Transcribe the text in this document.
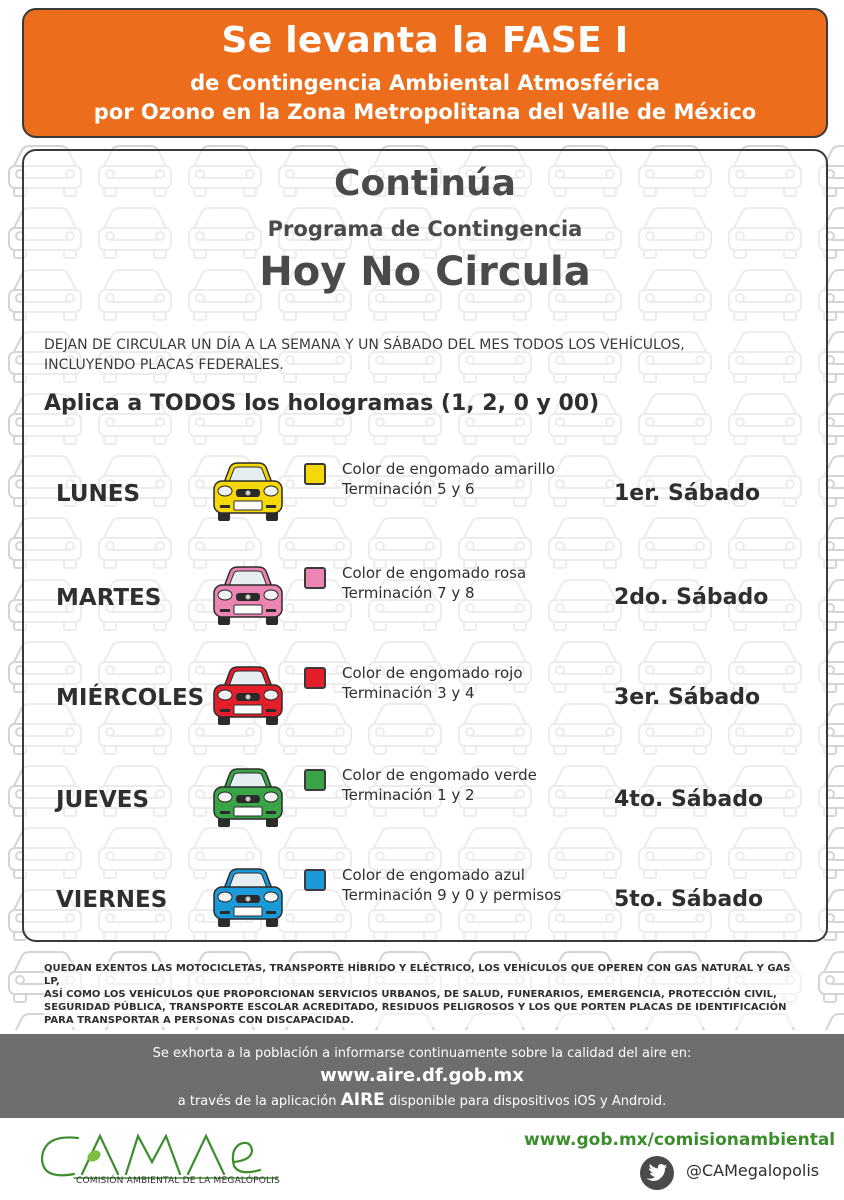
Se levanta la FASE I
de Contingencia Ambiental Atmosférica
por Ozono en la Zona Metropolitana del Valle de México
Continúa
Programa de Contingencia
Hoy No Circula
DEJAN DE CIRCULAR UN DÍA A LA SEMANA Y UN SÁBADO DEL MES TODOS LOS VEHÍCULOS,
INCLUYENDO PLACAS FEDERALES.
Aplica a TODOS los hologramas (1, 2, 0 y 00)
LUNES
Color de engomado amarillo
Terminación 5 y 6	1er. Sábado
MARTES
Color de engomado rosa
Terminación 7 y 8	2do. Sábado
MIÉRCOLES
Color de engomado rojo
Terminación 3 y 4	3er. Sábado
JUEVES
Color de engomado verde
Terminación 1 y 2	4to. Sábado
VIERNES
Color de engomado azul
Terminación 9 y 0 y permisos 5to. Sábado
QUEDAN EXENTOS LAS MOTOCICLETAS, TRANSPORTE HÍBRIDO Y ELÉCTRICO, LOS VEHÍCULOS QUE OPEREN CON GAS NATURAL Y GAS LP,
ASÍ COMO LOS VEHÍCULOS QUE PROPORCIONAN SERVICIOS URBANOS, DE SALUD, FUNERARIOS, EMERGENCIA, PROTECCIÓN CIVIL,
SEGURIDAD PÚBLICA, TRANSPORTE ESCOLAR ACREDITADO, RESIDUOS PELIGROSOS Y LOS QUE PORTEN PLACAS DE IDENTIFICACIÓN
PARA TRANSPORTAR A PERSONAS CON DISCAPACIDAD.
Se exhorta a la población a informarse continuamente sobre la calidad del aire en:
www.aire.df.gob.mx
a través de la aplicación AIRE disponible para dispositivos iOS y Android.
COMISIÓN AMBIENTAL DE LA MEGALÓPOLIS
www.gob.mx/comisionambiental
@CAMegalopolis
